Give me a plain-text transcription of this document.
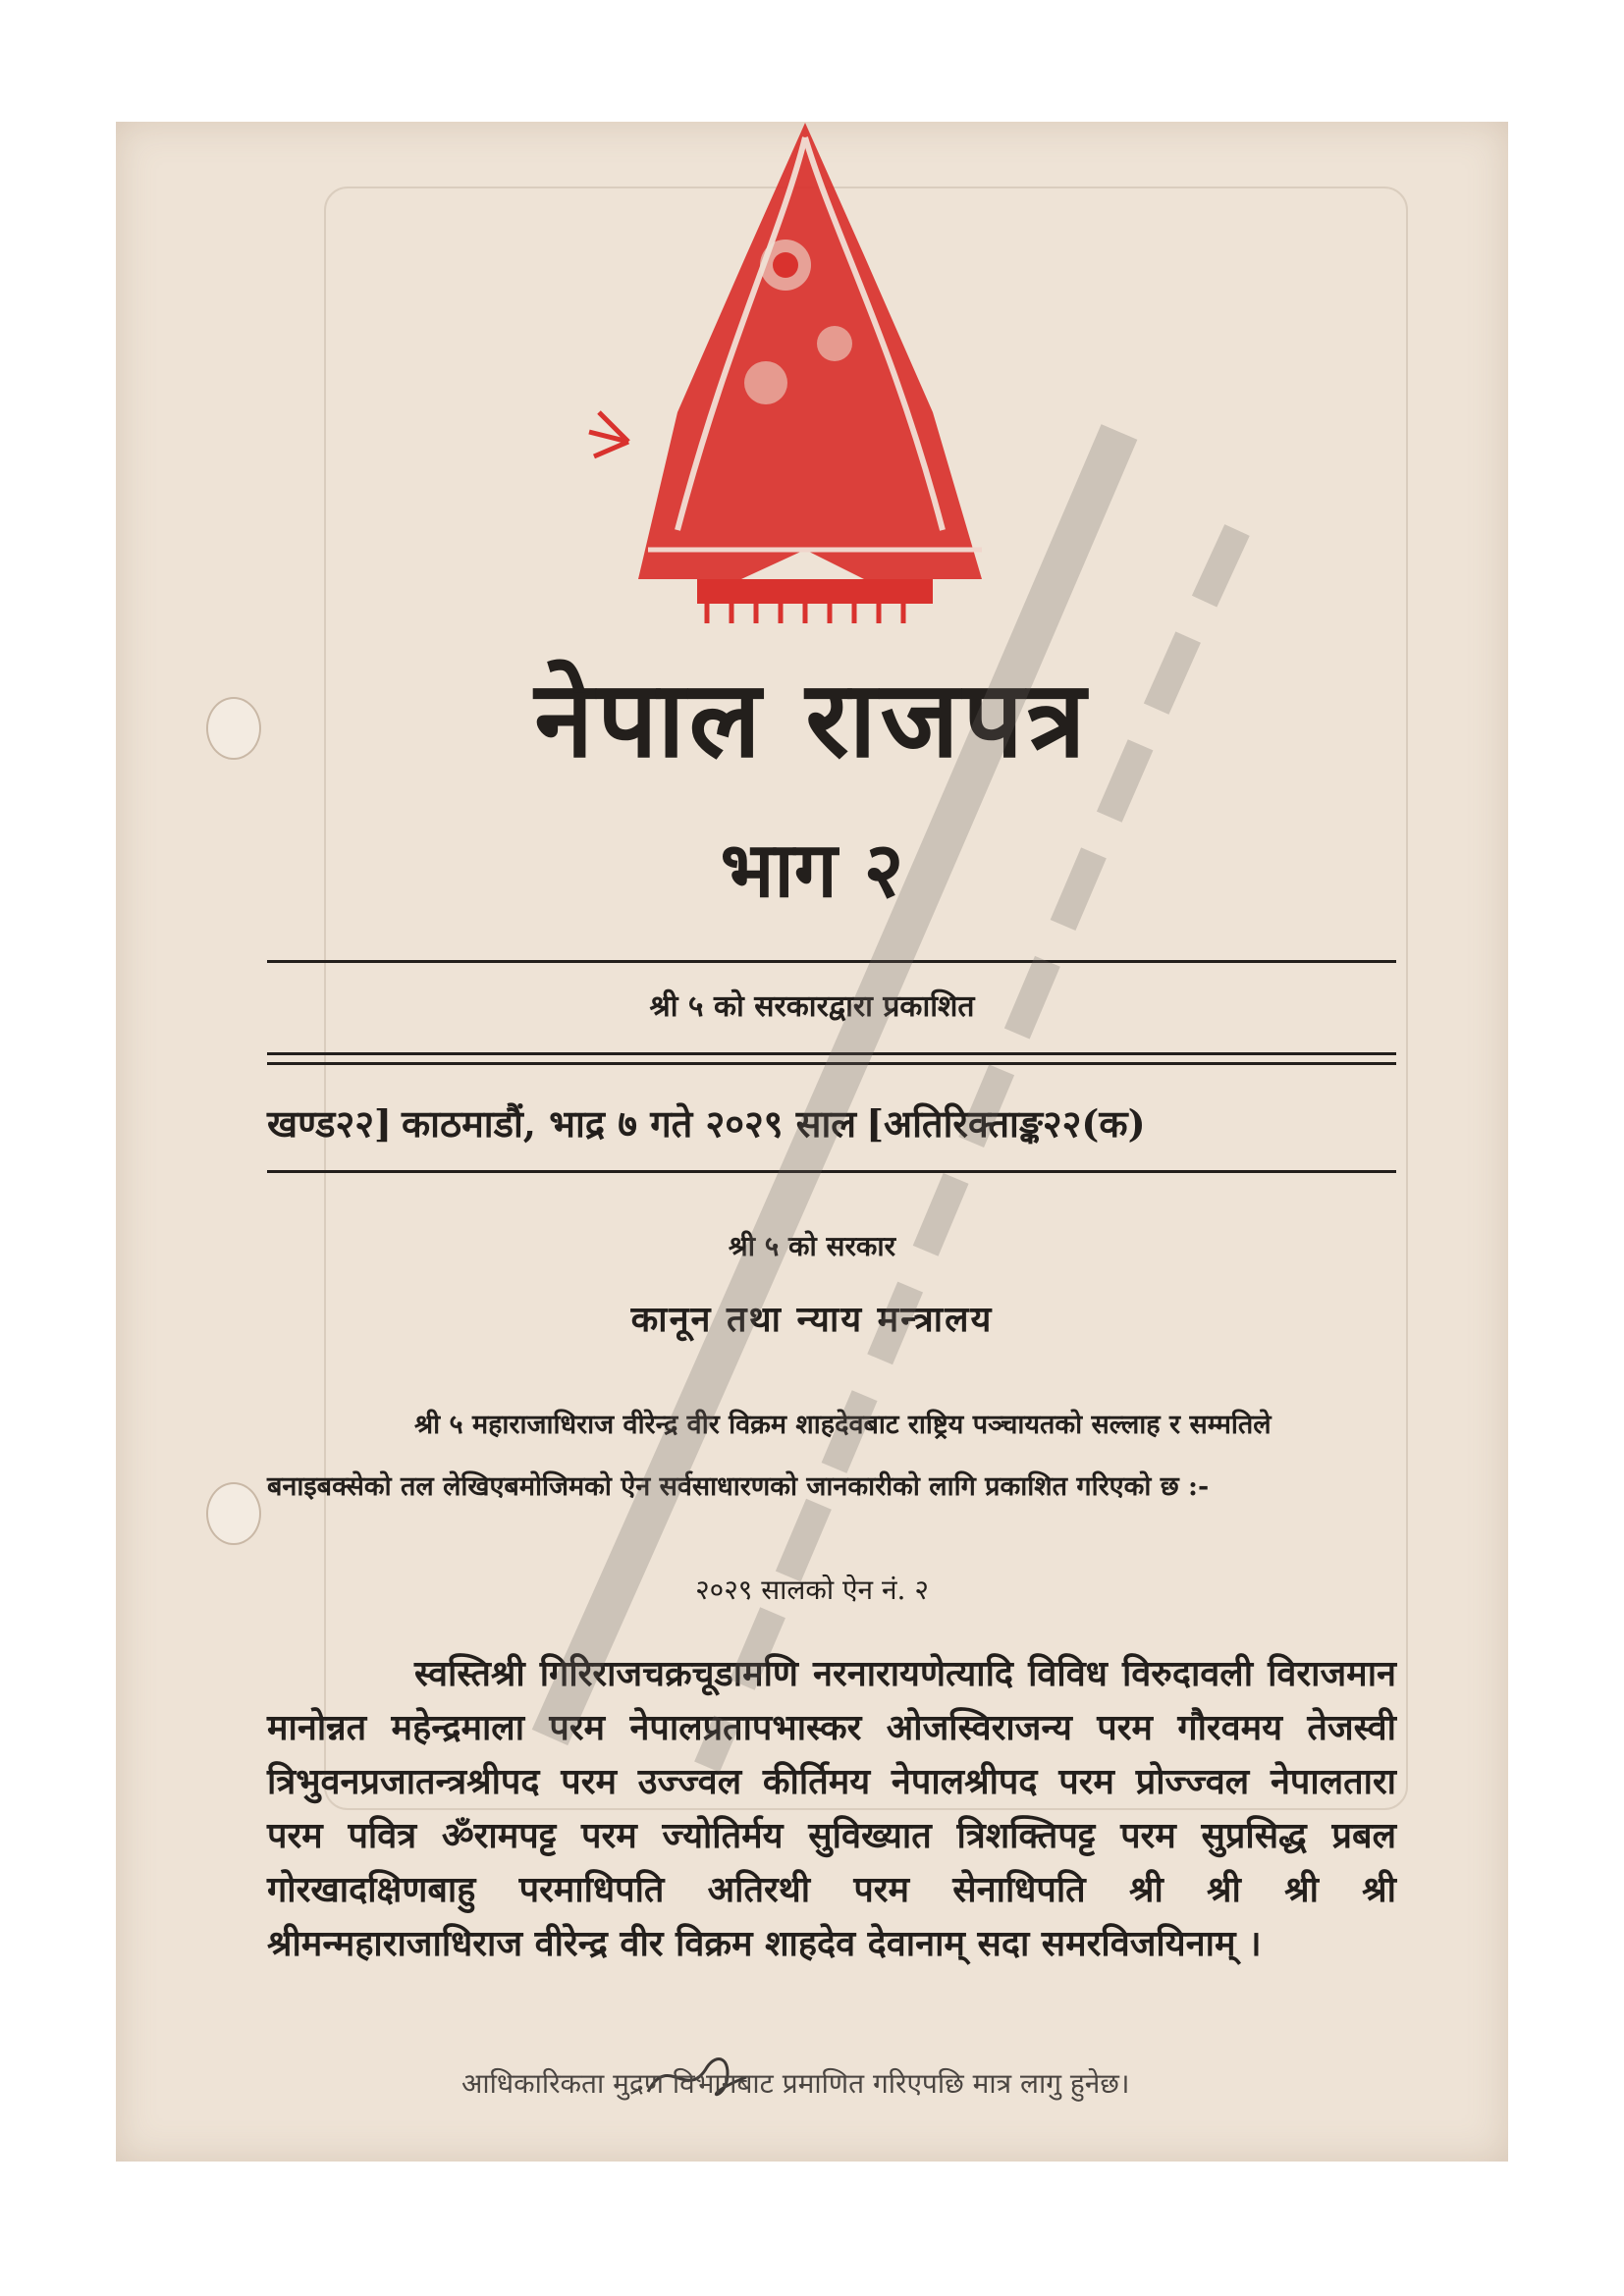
नेपाल राजपत्र
भाग २
श्री ५ को सरकारद्वारा प्रकाशित
खण्ड२२] काठमाडौं, भाद्र ७ गते २०२९ साल [अतिरिक्ताङ्क२२(क)
श्री ५ को सरकार
कानून तथा न्याय मन्त्रालय
श्री ५ महाराजाधिराज वीरेन्द्र वीर विक्रम शाहदेवबाट राष्ट्रिय पञ्चायतको सल्लाह र सम्मतिले बनाइबक्सेको तल लेखिएबमोजिमको ऐन सर्वसाधारणको जानकारीको लागि प्रकाशित गरिएको छ :-
२०२९ सालको ऐन नं. २
स्वस्तिश्री गिरिराजचक्रचूडामणि नरनारायणेत्यादि विविध विरुदावली विराजमान मानोन्नत महेन्द्रमाला परम नेपालप्रतापभास्कर ओजस्विराजन्य परम गौरवमय तेजस्वी त्रिभुवनप्रजातन्त्रश्रीपद परम उज्ज्वल कीर्तिमय नेपालश्रीपद परम प्रोज्ज्वल नेपालतारा परम पवित्र ॐरामपट्ट परम ज्योतिर्मय सुविख्यात त्रिशक्तिपट्ट परम सुप्रसिद्ध प्रबल गोरखादक्षिणबाहु परमाधिपति अतिरथी परम सेनाधिपति श्री श्री श्री श्री श्रीमन्महाराजाधिराज वीरेन्द्र वीर विक्रम शाहदेव देवानाम् सदा समरविजयिनाम् ।
आधिकारिकता मुद्रण विभागबाट प्रमाणित गरिएपछि मात्र लागु हुनेछ।
